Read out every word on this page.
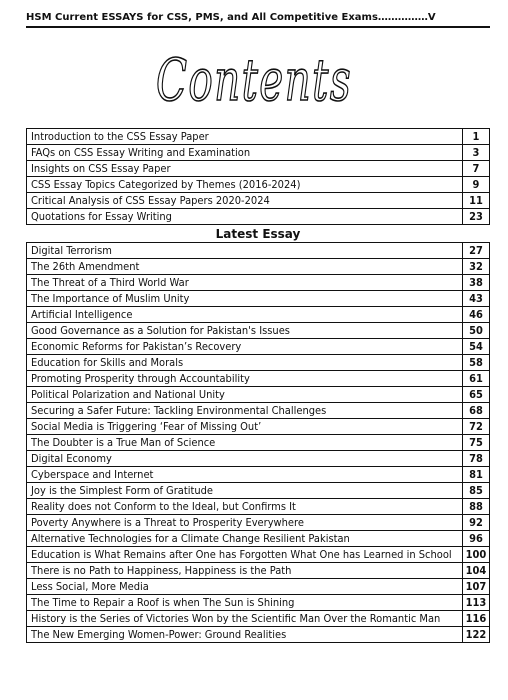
HSM Current ESSAYS for CSS, PMS, and All Competitive Exams……………V
Contents
Introduction to the CSS Essay Paper	1
FAQs on CSS Essay Writing and Examination	3
Insights on CSS Essay Paper	7
CSS Essay Topics Categorized by Themes (2016-2024)	9
Critical Analysis of CSS Essay Papers 2020-2024	11
Quotations for Essay Writing	23
Latest Essay
Digital Terrorism	27
The 26th Amendment	32
The Threat of a Third World War	38
The Importance of Muslim Unity	43
Artificial Intelligence	46
Good Governance as a Solution for Pakistan's Issues	50
Economic Reforms for Pakistan’s Recovery	54
Education for Skills and Morals	58
Promoting Prosperity through Accountability	61
Political Polarization and National Unity	65
Securing a Safer Future: Tackling Environmental Challenges	68
Social Media is Triggering ‘Fear of Missing Out’	72
The Doubter is a True Man of Science	75
Digital Economy	78
Cyberspace and Internet	81
Joy is the Simplest Form of Gratitude	85
Reality does not Conform to the Ideal, but Confirms It	88
Poverty Anywhere is a Threat to Prosperity Everywhere	92
Alternative Technologies for a Climate Change Resilient Pakistan	96
Education is What Remains after One has Forgotten What One has Learned in School	100
There is no Path to Happiness, Happiness is the Path	104
Less Social, More Media	107
The Time to Repair a Roof is when The Sun is Shining	113
History is the Series of Victories Won by the Scientific Man Over the Romantic Man	116
The New Emerging Women-Power: Ground Realities	122
